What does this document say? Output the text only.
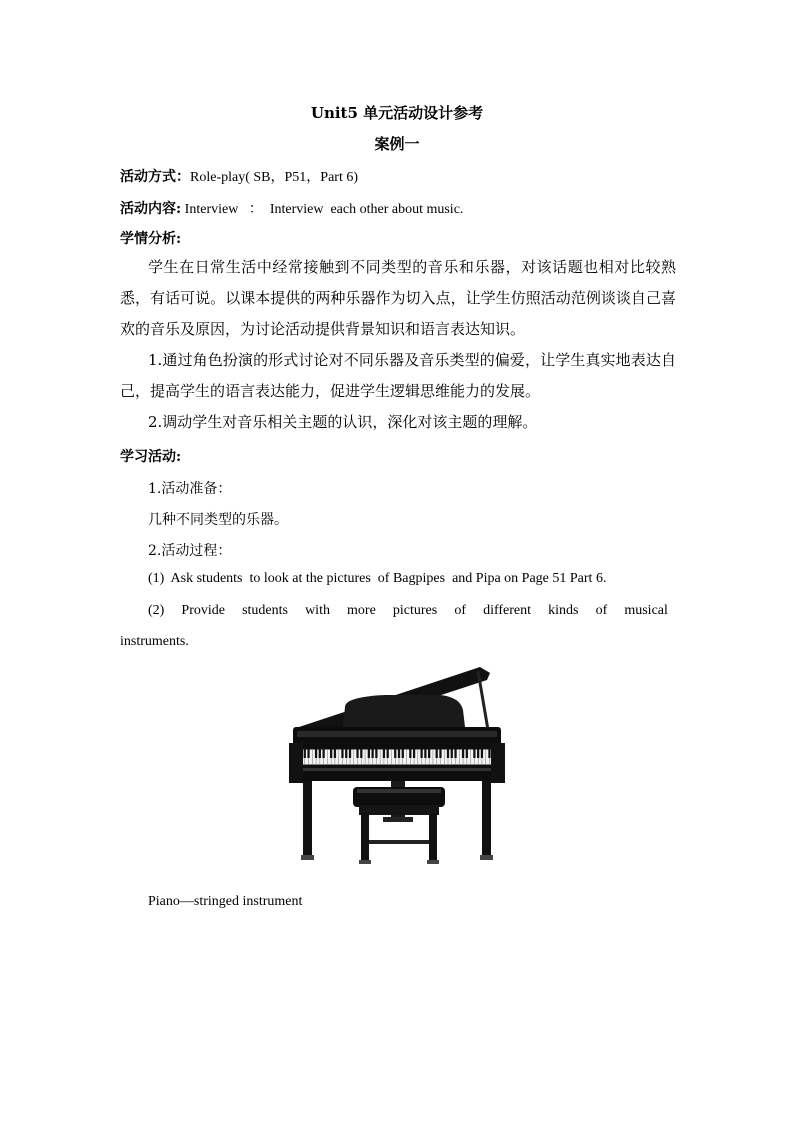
Unit5 单元活动设计参考
案例一
活动方式：Role-play( SB，P51，Part 6)
活动内容: Interview   ：  Interview  each other about music.
学情分析:
学生在日常生活中经常接触到不同类型的音乐和乐器，对该话题也相对比较熟悉，有话可说。以课本提供的两种乐器作为切入点，让学生仿照活动范例谈谈自己喜欢的音乐及原因，为讨论活动提供背景知识和语言表达知识。
1.通过角色扮演的形式讨论对不同乐器及音乐类型的偏爱，让学生真实地表达自己，提高学生的语言表达能力，促进学生逻辑思维能力的发展。
2.调动学生对音乐相关主题的认识，深化对该主题的理解。
学习活动:
1.活动准备：
几种不同类型的乐器。
2.活动过程：
(1)  Ask students  to look at the pictures  of Bagpipes  and Pipa on Page 51 Part 6.
(2) Provide students with more pictures of different kinds of musical
instruments.
Piano—stringed instrument
